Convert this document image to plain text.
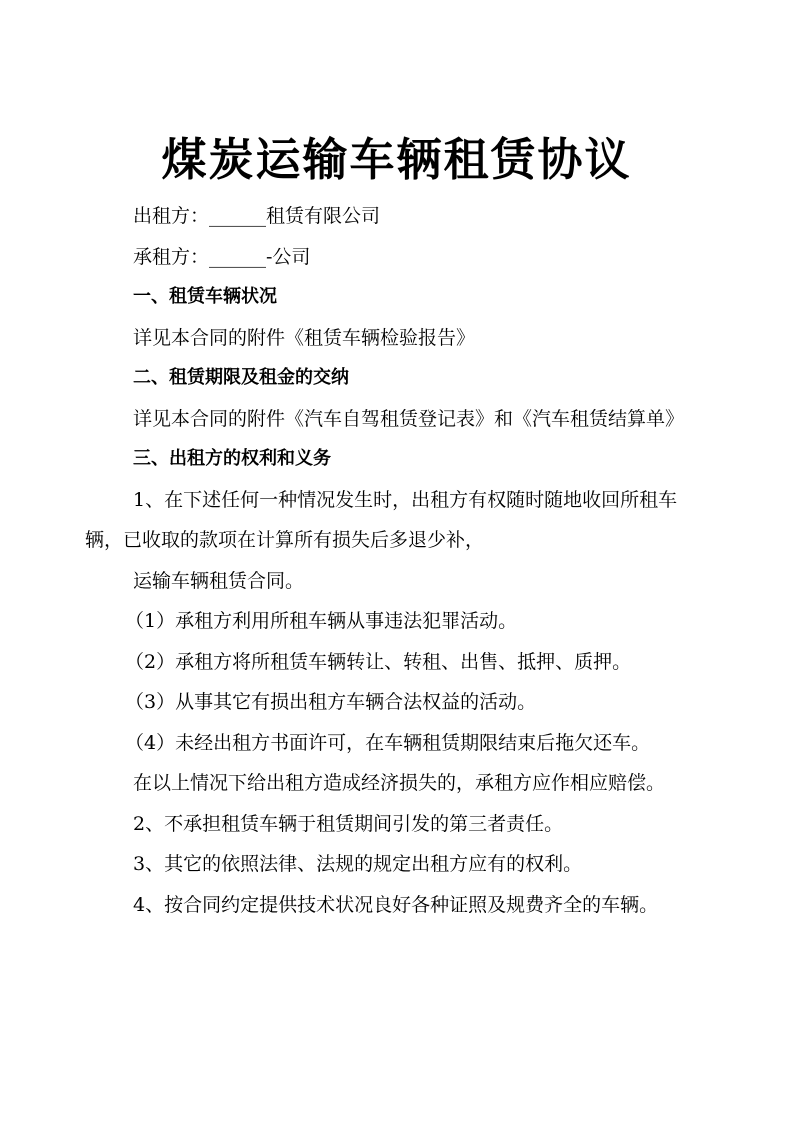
煤炭运输车辆租赁协议

出租方：______租赁有限公司

承租方：______-公司

一、租赁车辆状况

详见本合同的附件《租赁车辆检验报告》

二、租赁期限及租金的交纳

详见本合同的附件《汽车自驾租赁登记表》和《汽车租赁结算单》

三、出租方的权利和义务

1、在下述任何一种情况发生时，出租方有权随时随地收回所租车辆，已收取的款项在计算所有损失后多退少补，

运输车辆租赁合同。

（1）承租方利用所租车辆从事违法犯罪活动。

（2）承租方将所租赁车辆转让、转租、出售、抵押、质押。

（3）从事其它有损出租方车辆合法权益的活动。

（4）未经出租方书面许可，在车辆租赁期限结束后拖欠还车。

在以上情况下给出租方造成经济损失的，承租方应作相应赔偿。

2、不承担租赁车辆于租赁期间引发的第三者责任。

3、其它的依照法律、法规的规定出租方应有的权利。

4、按合同约定提供技术状况良好各种证照及规费齐全的车辆。
